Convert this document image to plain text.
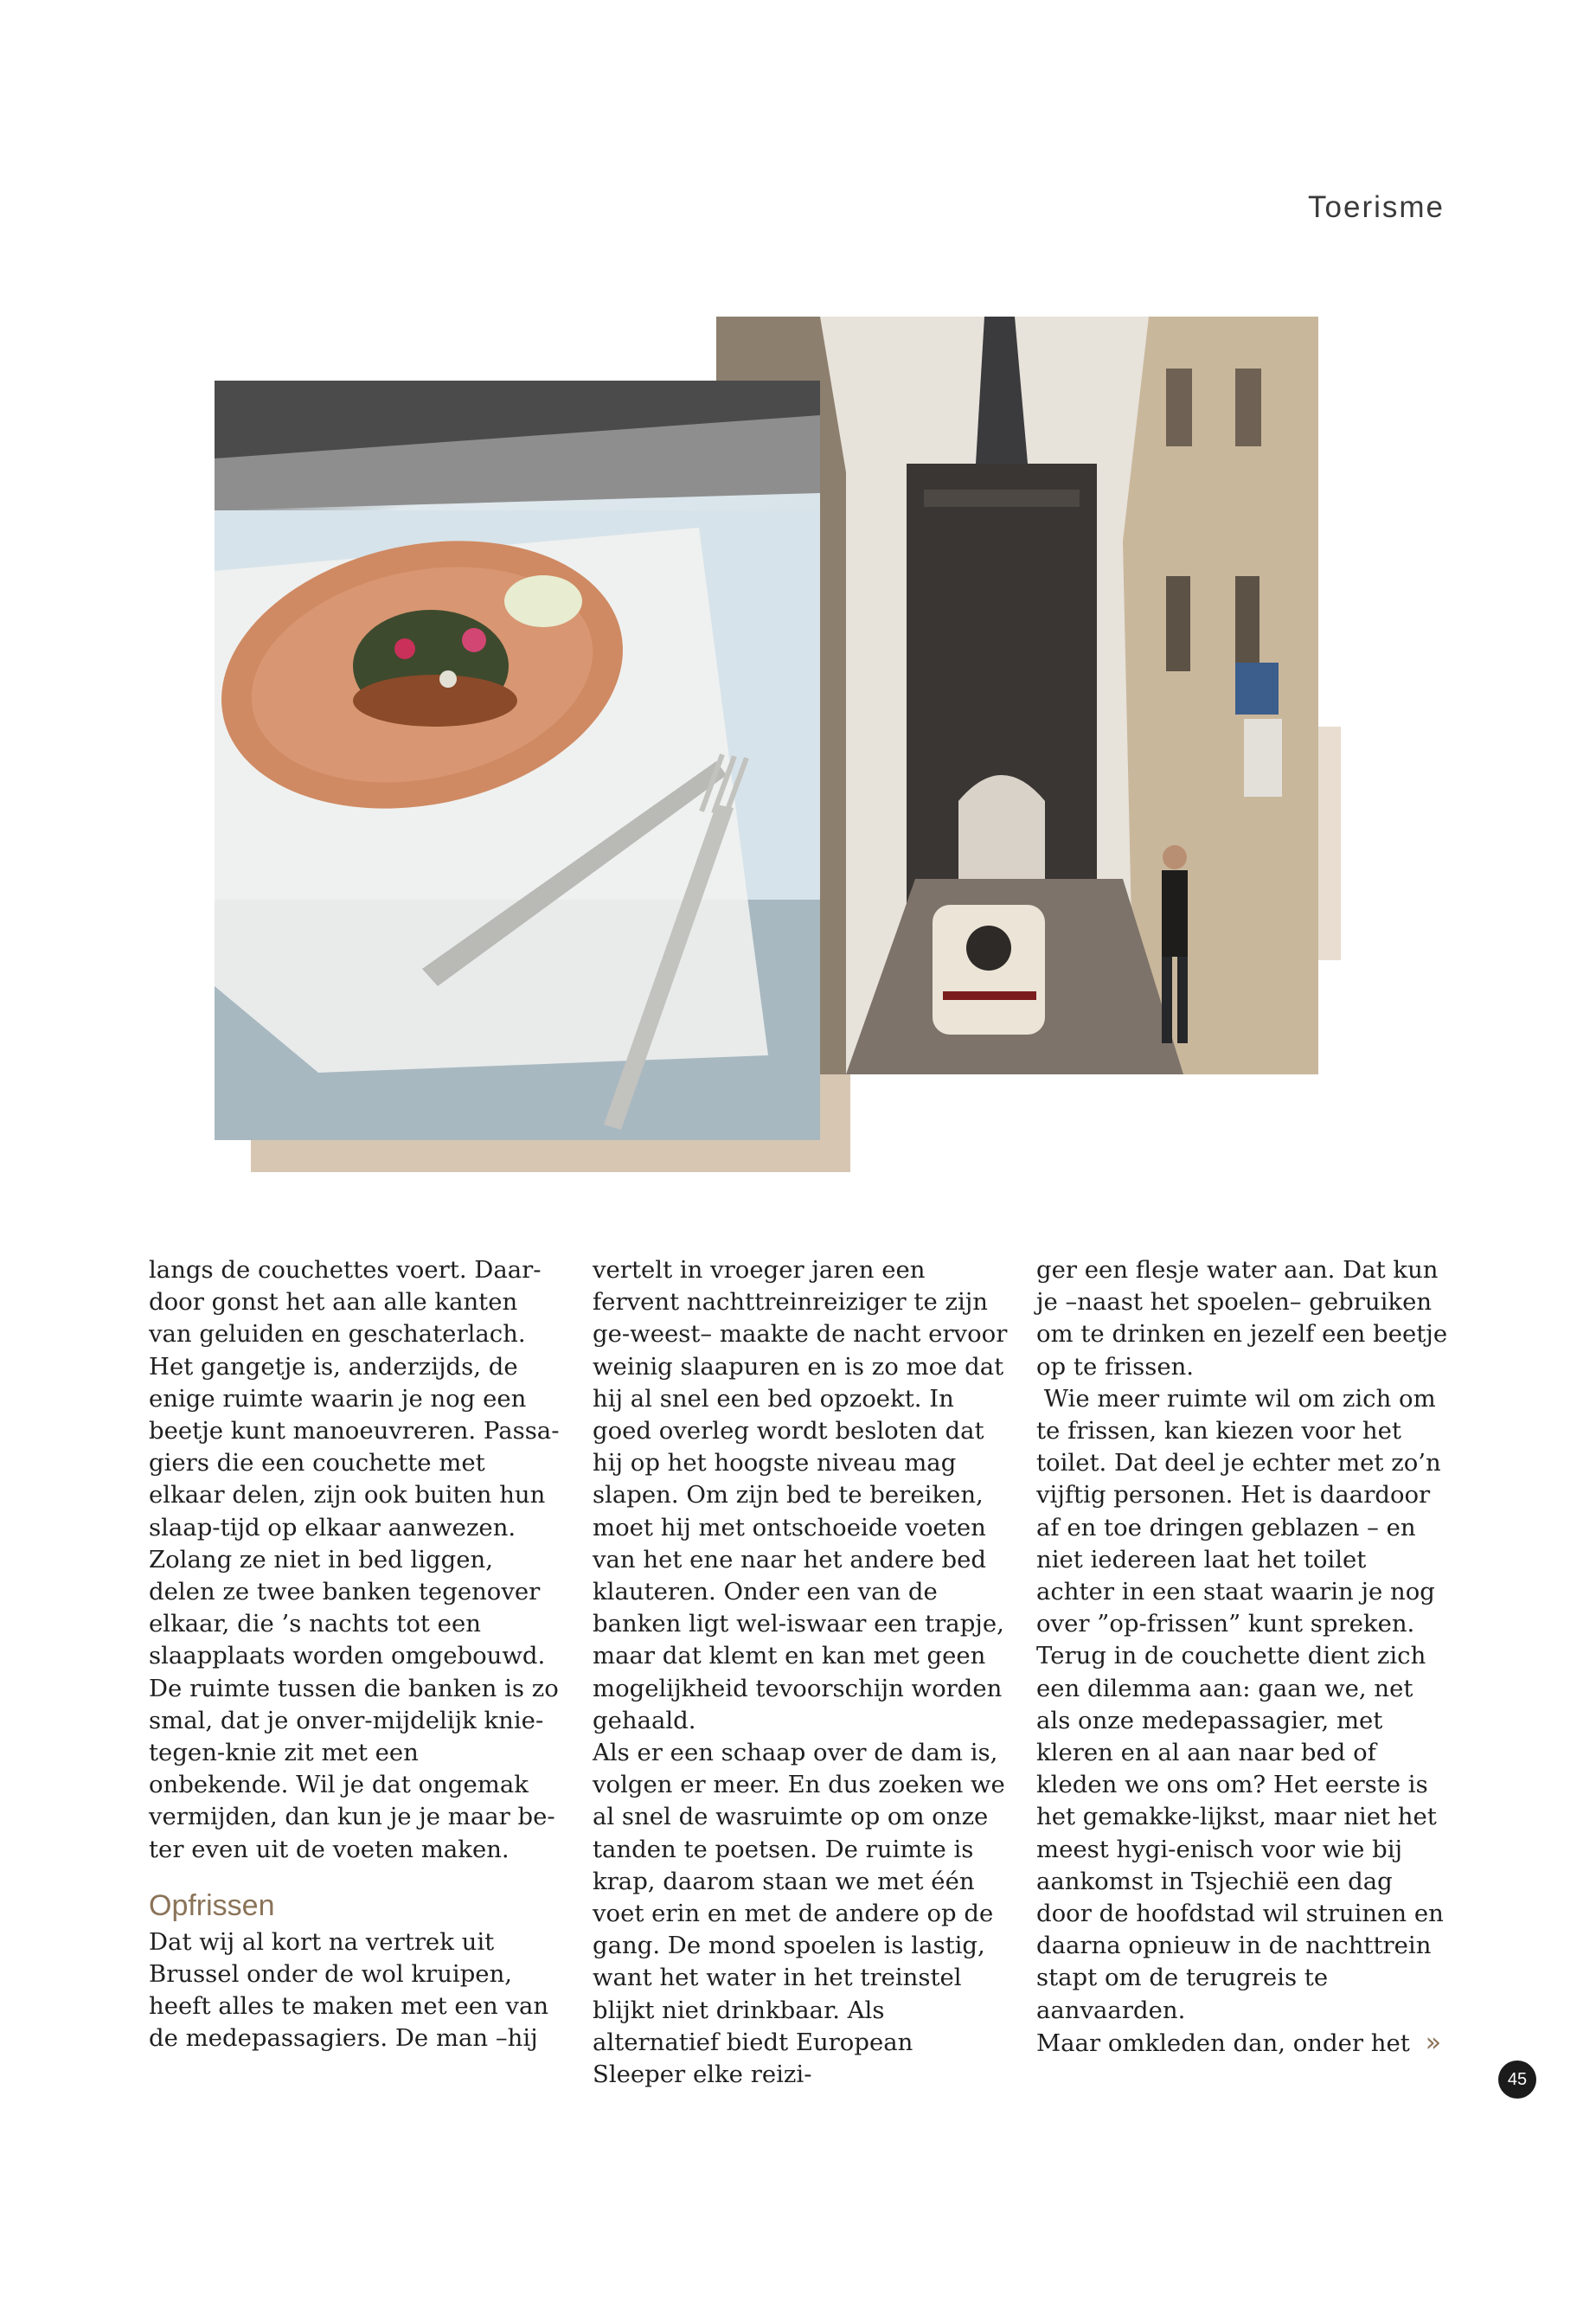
Toerisme

langs de couchettes voert. Daar-door gonst het aan alle kanten van geluiden en geschaterlach.

Het gangetje is, anderzijds, de enige ruimte waarin je nog een beetje kunt manoeuvreren. Passa-giers die een couchette met elkaar delen, zijn ook buiten hun slaap-tijd op elkaar aanwezen. Zolang ze niet in bed liggen, delen ze twee banken tegenover elkaar, die ’s nachts tot een slaapplaats worden omgebouwd. De ruimte tussen die banken is zo smal, dat je onver-mijdelijk knie-tegen-knie zit met een onbekende. Wil je dat ongemak vermijden, dan kun je je maar be-ter even uit de voeten maken.

Opfrissen

Dat wij al kort na vertrek uit Brussel onder de wol kruipen, heeft alles te maken met een van de medepassagiers. De man –hij

vertelt in vroeger jaren een fervent nachttreinreiziger te zijn ge-weest– maakte de nacht ervoor weinig slaapuren en is zo moe dat hij al snel een bed opzoekt. In goed overleg wordt besloten dat hij op het hoogste niveau mag slapen. Om zijn bed te bereiken, moet hij met ontschoeide voeten van het ene naar het andere bed klauteren. Onder een van de banken ligt wel-iswaar een trapje, maar dat klemt en kan met geen mogelijkheid tevoorschijn worden gehaald.

Als er een schaap over de dam is, volgen er meer. En dus zoeken we al snel de wasruimte op om onze tanden te poetsen. De ruimte is krap, daarom staan we met één voet erin en met de andere op de gang. De mond spoelen is lastig, want het water in het treinstel blijkt niet drinkbaar. Als alternatief biedt European Sleeper elke reizi-

ger een flesje water aan. Dat kun je –naast het spoelen– gebruiken om te drinken en jezelf een beetje op te frissen.

Wie meer ruimte wil om zich om te frissen, kan kiezen voor het toilet. Dat deel je echter met zo’n vijftig personen. Het is daardoor af en toe dringen geblazen – en niet iedereen laat het toilet achter in een staat waarin je nog over ”op-frissen” kunt spreken.

Terug in de couchette dient zich een dilemma aan: gaan we, net als onze medepassagier, met kleren en al aan naar bed of kleden we ons om? Het eerste is het gemakke-lijkst, maar niet het meest hygi-enisch voor wie bij aankomst in Tsjechië een dag door de hoofdstad wil struinen en daarna opnieuw in de nachttrein stapt om de terugreis te aanvaarden.

Maar omkleden dan, onder het »

45
